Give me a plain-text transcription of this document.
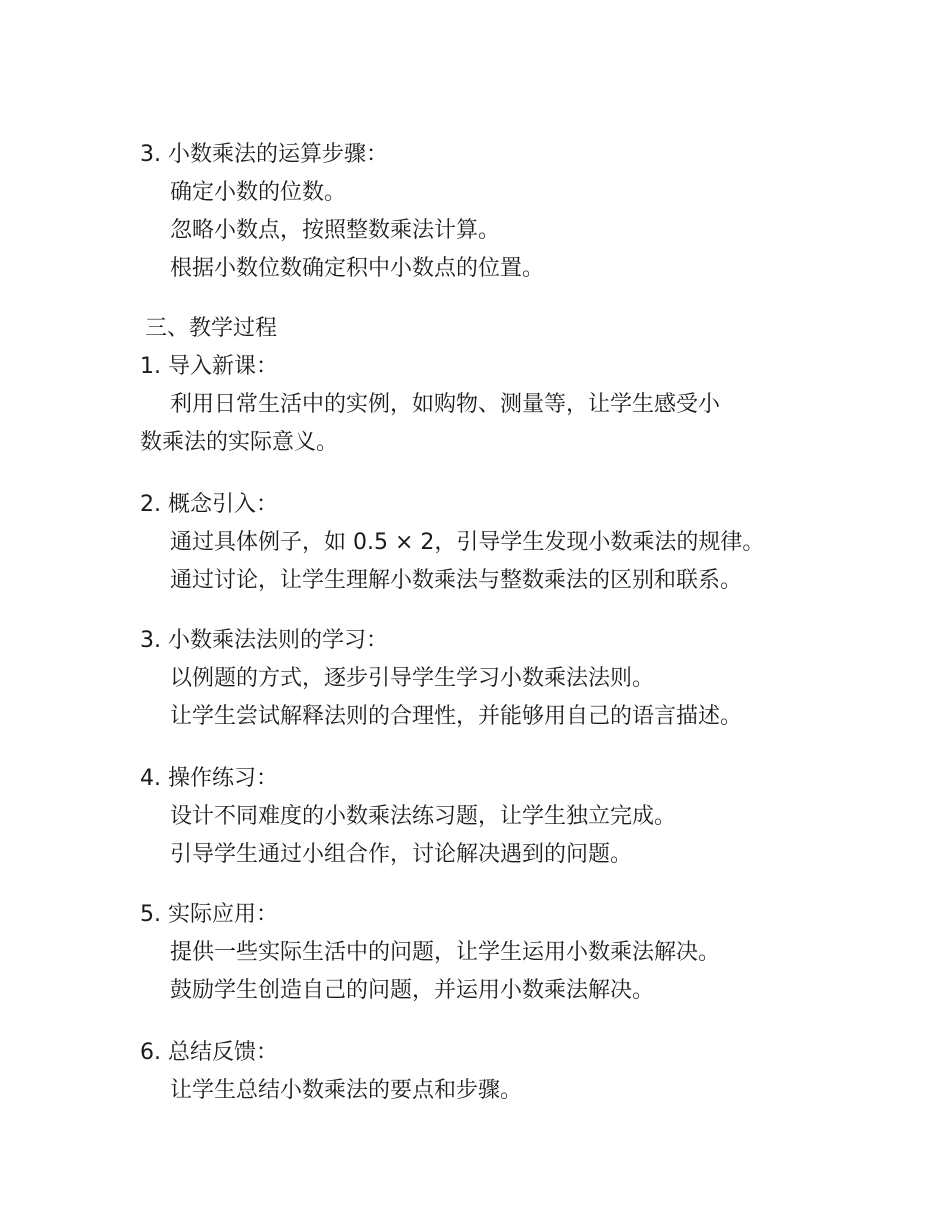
3. 小数乘法的运算步骤：
确定小数的位数。
忽略小数点，按照整数乘法计算。
根据小数位数确定积中小数点的位置。
三、教学过程
1. 导入新课：
利用日常生活中的实例，如购物、测量等，让学生感受小
数乘法的实际意义。
2. 概念引入：
通过具体例子，如 0.5 × 2，引导学生发现小数乘法的规律。
通过讨论，让学生理解小数乘法与整数乘法的区别和联系。
3. 小数乘法法则的学习：
以例题的方式，逐步引导学生学习小数乘法法则。
让学生尝试解释法则的合理性，并能够用自己的语言描述。
4. 操作练习：
设计不同难度的小数乘法练习题，让学生独立完成。
引导学生通过小组合作，讨论解决遇到的问题。
5. 实际应用：
提供一些实际生活中的问题，让学生运用小数乘法解决。
鼓励学生创造自己的问题，并运用小数乘法解决。
6. 总结反馈：
让学生总结小数乘法的要点和步骤。
